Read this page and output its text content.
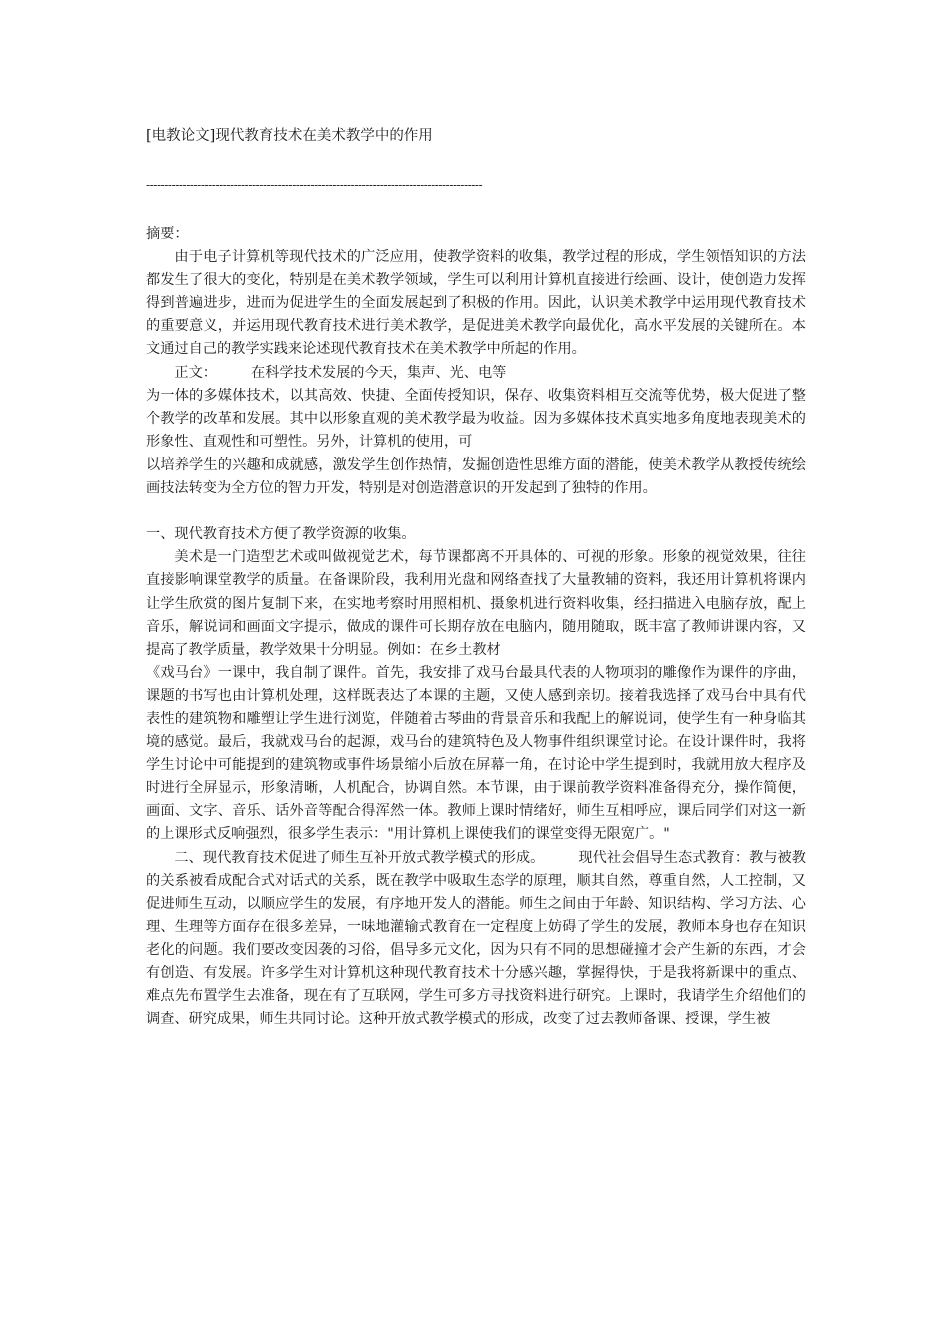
[电教论文]现代教育技术在美术教学中的作用
--------------------------------------------------------------------------------------------

摘要：

由于电子计算机等现代技术的广泛应用，使教学资料的收集，教学过程的形成，学生领悟知识的方法都发生了很大的变化，特别是在美术教学领域，学生可以利用计算机直接进行绘画、设计，使创造力发挥得到普遍进步，进而为促进学生的全面发展起到了积极的作用。因此，认识美术教学中运用现代教育技术的重要意义，并运用现代教育技术进行美术教学，是促进美术教学向最优化，高水平发展的关键所在。本文通过自己的教学实践来论述现代教育技术在美术教学中所起的作用。

正文： 在科学技术发展的今天，集声、光、电等

为一体的多媒体技术，以其高效、快捷、全面传授知识，保存、收集资料相互交流等优势，极大促进了整个教学的改革和发展。其中以形象直观的美术教学最为收益。因为多媒体技术真实地多角度地表现美术的形象性、直观性和可塑性。另外，计算机的使用，可

以培养学生的兴趣和成就感，激发学生创作热情，发掘创造性思维方面的潜能，使美术教学从教授传统绘画技法转变为全方位的智力开发，特别是对创造潜意识的开发起到了独特的作用。

一、现代教育技术方便了教学资源的收集。

美术是一门造型艺术或叫做视觉艺术，每节课都离不开具体的、可视的形象。形象的视觉效果，往往直接影响课堂教学的质量。在备课阶段，我利用光盘和网络查找了大量教辅的资料，我还用计算机将课内让学生欣赏的图片复制下来，在实地考察时用照相机、摄象机进行资料收集，经扫描进入电脑存放，配上音乐，解说词和画面文字提示，做成的课件可长期存放在电脑内，随用随取，既丰富了教师讲课内容，又提高了教学质量，教学效果十分明显。例如：在乡土教材

《戏马台》一课中，我自制了课件。首先，我安排了戏马台最具代表的人物项羽的雕像作为课件的序曲，课题的书写也由计算机处理，这样既表达了本课的主题，又使人感到亲切。接着我选择了戏马台中具有代表性的建筑物和雕塑让学生进行浏览，伴随着古琴曲的背景音乐和我配上的解说词，使学生有一种身临其境的感觉。最后，我就戏马台的起源，戏马台的建筑特色及人物事件组织课堂讨论。在设计课件时，我将学生讨论中可能提到的建筑物或事件场景缩小后放在屏幕一角，在讨论中学生提到时，我就用放大程序及时进行全屏显示，形象清晰，人机配合，协调自然。本节课，由于课前教学资料准备得充分，操作简便，画面、文字、音乐、话外音等配合得浑然一体。教师上课时情绪好，师生互相呼应，课后同学们对这一新的上课形式反响强烈，很多学生表示："用计算机上课使我们的课堂变得无限宽广。"

二、现代教育技术促进了师生互补开放式教学模式的形成。 现代社会倡导生态式教育：教与被教的关系被看成配合式对话式的关系，既在教学中吸取生态学的原理，顺其自然，尊重自然，人工控制，又促进师生互动，以顺应学生的发展，有序地开发人的潜能。师生之间由于年龄、知识结构、学习方法、心理、生理等方面存在很多差异，一味地灌输式教育在一定程度上妨碍了学生的发展，教师本身也存在知识老化的问题。我们要改变因袭的习俗，倡导多元文化，因为只有不同的思想碰撞才会产生新的东西，才会有创造、有发展。许多学生对计算机这种现代教育技术十分感兴趣，掌握得快，于是我将新课中的重点、难点先布置学生去准备，现在有了互联网，学生可多方寻找资料进行研究。上课时，我请学生介绍他们的调查、研究成果，师生共同讨论。这种开放式教学模式的形成，改变了过去教师备课、授课，学生被
